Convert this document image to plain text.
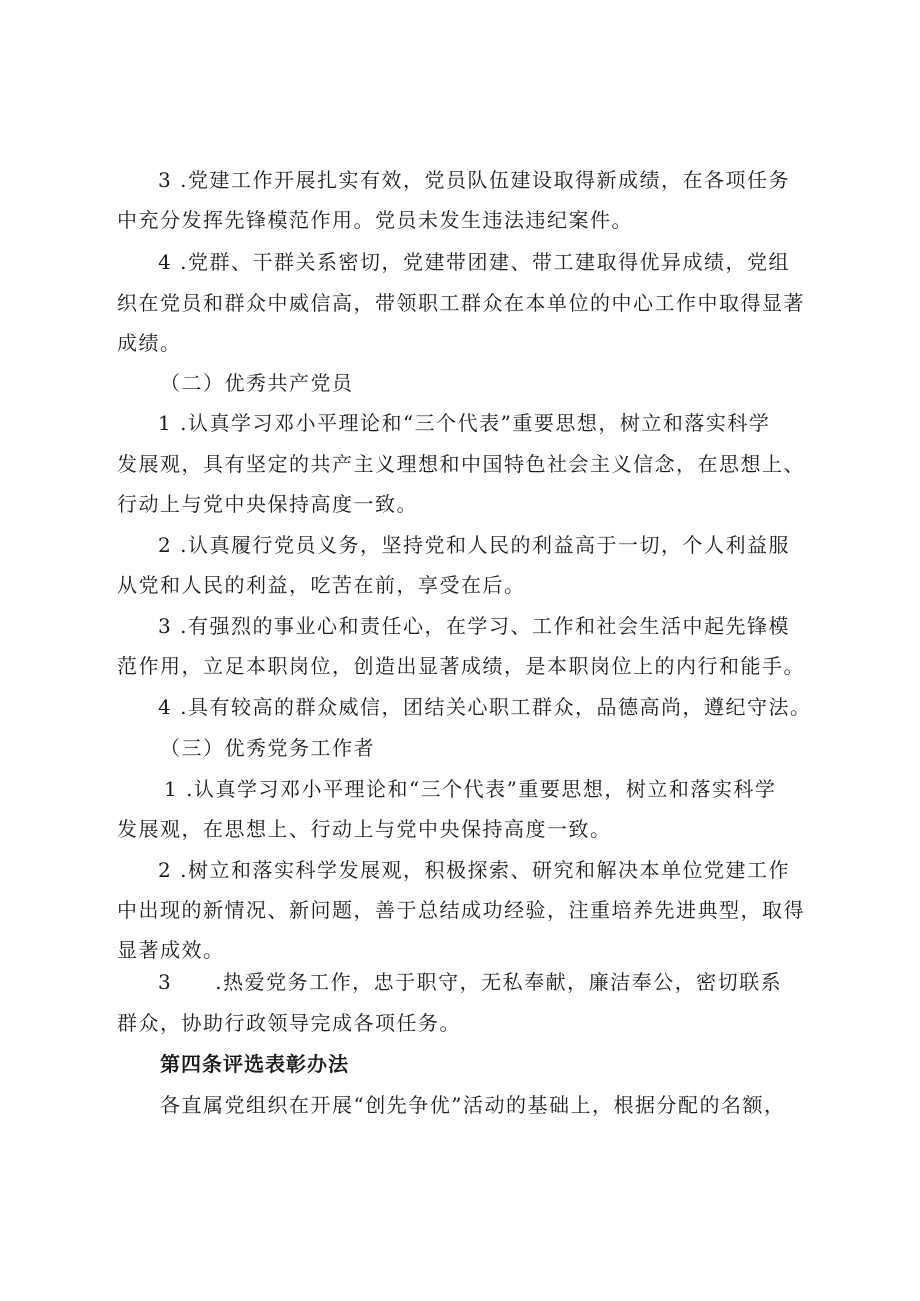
3 .党建工作开展扎实有效，党员队伍建设取得新成绩，在各项任务
中充分发挥先锋模范作用。党员未发生违法违纪案件。
4 .党群、干群关系密切，党建带团建、带工建取得优异成绩，党组
织在党员和群众中威信高，带领职工群众在本单位的中心工作中取得显著
成绩。
（二）优秀共产党员
1 .认真学习邓小平理论和“三个代表”重要思想，树立和落实科学
发展观，具有坚定的共产主义理想和中国特色社会主义信念，在思想上、
行动上与党中央保持高度一致。
2 .认真履行党员义务，坚持党和人民的利益高于一切，个人利益服
从党和人民的利益，吃苦在前，享受在后。
3 .有强烈的事业心和责任心，在学习、工作和社会生活中起先锋模
范作用，立足本职岗位，创造出显著成绩，是本职岗位上的内行和能手。
4 .具有较高的群众威信，团结关心职工群众，品德高尚，遵纪守法。
（三）优秀党务工作者
1 .认真学习邓小平理论和“三个代表”重要思想，树立和落实科学
发展观，在思想上、行动上与党中央保持高度一致。
2 .树立和落实科学发展观，积极探索、研究和解决本单位党建工作
中出现的新情况、新问题，善于总结成功经验，注重培养先进典型，取得
显著成效。
3　　.热爱党务工作，忠于职守，无私奉献，廉洁奉公，密切联系
群众，协助行政领导完成各项任务。
第四条评选表彰办法
各直属党组织在开展“创先争优”活动的基础上，根据分配的名额，
